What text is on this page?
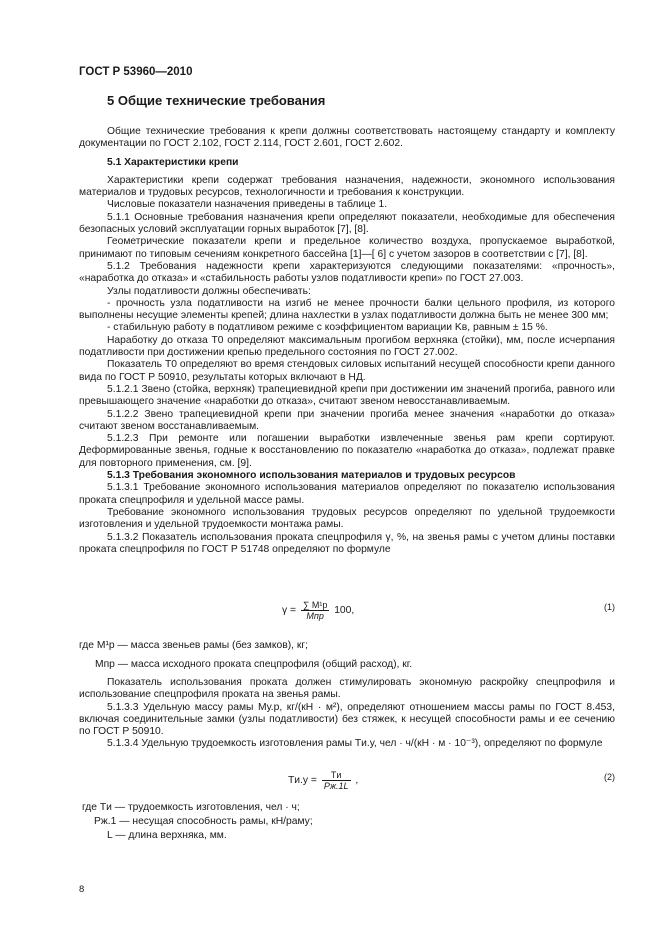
ГОСТ Р 53960—2010
5 Общие технические требования

Общие технические требования к крепи должны соответствовать настоящему стандарту и комплекту документации по ГОСТ 2.102, ГОСТ 2.114, ГОСТ 2.601, ГОСТ 2.602.

5.1 Характеристики крепи

Характеристики крепи содержат требования назначения, надежности, экономного использования материалов и трудовых ресурсов, технологичности и требования к конструкции.

Числовые показатели назначения приведены в таблице 1.

5.1.1 Основные требования назначения крепи определяют показатели, необходимые для обеспечения безопасных условий эксплуатации горных выработок [7], [8].

Геометрические показатели крепи и предельное количество воздуха, пропускаемое выработкой, принимают по типовым сечениям конкретного бассейна [1]—[ 6] с учетом зазоров в соответствии с [7], [8].

5.1.2 Требования надежности крепи характеризуются следующими показателями: «прочность», «наработка до отказа» и «стабильность работы узлов податливости крепи» по ГОСТ 27.003.

Узлы податливости должны обеспечивать:

- прочность узла податливости на изгиб не менее прочности балки цельного профиля, из которого выполнены несущие элементы крепей; длина нахлестки в узлах податливости должна быть не менее 300 мм;

- стабильную работу в податливом режиме с коэффициентом вариации Kв, равным ± 15 %.

Наработку до отказа T0 определяют максимальным прогибом верхняка (стойки), мм, после исчерпания податливости при достижении крепью предельного состояния по ГОСТ 27.002.

Показатель T0 определяют во время стендовых силовых испытаний несущей способности крепи данного вида по ГОСТ Р 50910, результаты которых включают в НД.

5.1.2.1 Звено (стойка, верхняк) трапециевидной крепи при достижении им значений прогиба, равного или превышающего значение «наработки до отказа», считают звеном невосстанавливаемым.

5.1.2.2 Звено трапециевидной крепи при значении прогиба менее значения «наработки до отказа» считают звеном восстанавливаемым.

5.1.2.3 При ремонте или погашении выработки извлеченные звенья рам крепи сортируют. Деформированные звенья, годные к восстановлению по показателю «наработка до отказа», подлежат правке для повторного применения, см. [9].

5.1.3 Требования экономного использования материалов и трудовых ресурсов

5.1.3.1 Требование экономного использования материалов определяют по показателю использования проката спецпрофиля и удельной массе рамы.

Требование экономного использования трудовых ресурсов определяют по удельной трудоемкости изготовления и удельной трудоемкости монтажа рамы.

5.1.3.2 Показатель использования проката спецпрофиля γ, %, на звенья рамы с учетом длины поставки проката спецпрофиля по ГОСТ Р 51748 определяют по формуле

$\gamma = \frac{\text{∑ M¹р}}{\text{Mпр}} 100$,	(1)
где M¹р — масса звеньев рамы (без замков), кг;
Mпр — масса исходного проката спецпрофиля (общий расход), кг.

Показатель использования проката должен стимулировать экономную раскройку спецпрофиля и использование спецпрофиля проката на звенья рамы.

5.1.3.3 Удельную массу рамы Mу.р, кг/(кН · м²), определяют отношением массы рамы по ГОСТ 8.453, включая соединительные замки (узлы податливости) без стяжек, к несущей способности рамы и ее сечению по ГОСТ Р 50910.

5.1.3.4 Удельную трудоемкость изготовления рамы Tи.у, чел · ч/(кН · м · 10⁻³), определяют по формуле

$Tи.у = \frac{Tи}{Pж.1L}$ ,	(2)
где Tи — трудоемкость изготовления, чел · ч;
Pж.1 — несущая способность рамы, кН/раму;
L — длина верхняка, мм.
8
